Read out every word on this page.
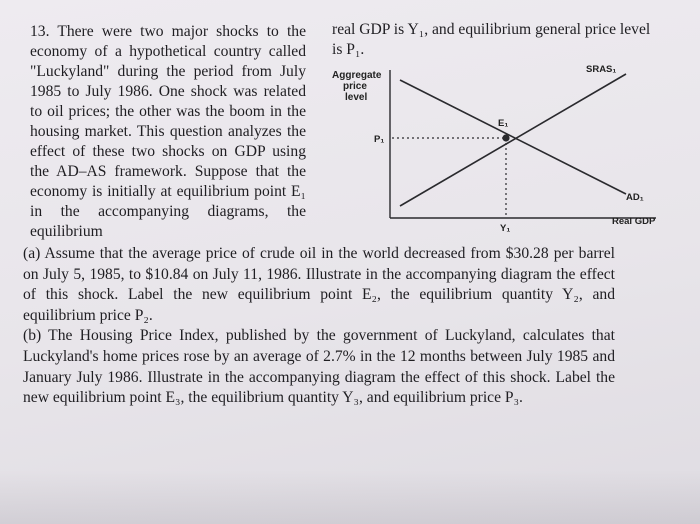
13. There were two major shocks to the economy of a hypothetical country called "Luckyland" during the period from July 1985 to July 1986. One shock was related to oil prices; the other was the boom in the housing market. This question analyzes the effect of these two shocks on GDP using the AD–AS framework. Suppose that the economy is initially at equilibrium point E₁ in the accompanying diagrams, the equilibrium

real GDP is Y₁, and equilibrium general price level is P₁.

Aggregate
price
level
P₁
E₁
SRAS₁
AD₁
Y₁
Real GDP

(a) Assume that the average price of crude oil in the world decreased from $30.28 per barrel on July 5, 1985, to $10.84 on July 11, 1986. Illustrate in the accompanying diagram the effect of this shock. Label the new equilibrium point E₂, the equilibrium quantity Y₂, and equilibrium price P₂.

(b) The Housing Price Index, published by the government of Luckyland, calculates that Luckyland's home prices rose by an average of 2.7% in the 12 months between July 1985 and January July 1986. Illustrate in the accompanying diagram the effect of this shock. Label the new equilibrium point E₃, the equilibrium quantity Y₃, and equilibrium price P₃.
